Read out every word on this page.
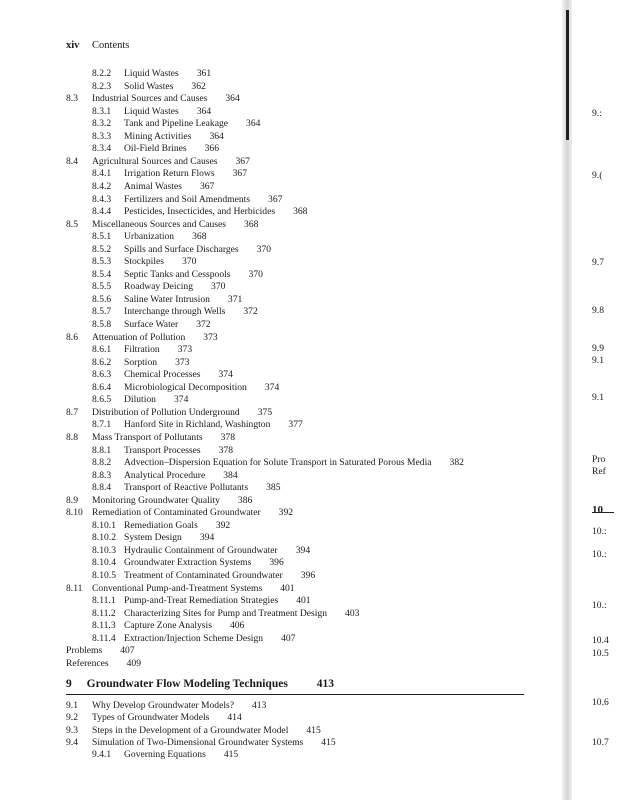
xiv Contents
8.2.2 Liquid Wastes 361
8.2.3 Solid Wastes 362
8.3 Industrial Sources and Causes 364
8.3.1 Liquid Wastes 364
8.3.2 Tank and Pipeline Leakage 364
8.3.3 Mining Activities 364
8.3.4 Oil-Field Brines 366
8.4 Agricultural Sources and Causes 367
8.4.1 Irrigation Return Flows 367
8.4.2 Animal Wastes 367
8.4.3 Fertilizers and Soil Amendments 367
8.4.4 Pesticides, Insecticides, and Herbicides 368
8.5 Miscellaneous Sources and Causes 368
8.5.1 Urbanization 368
8.5.2 Spills and Surface Discharges 370
8.5.3 Stockpiles 370
8.5.4 Septic Tanks and Cesspools 370
8.5.5 Roadway Deicing 370
8.5.6 Saline Water Intrusion 371
8.5.7 Interchange through Wells 372
8.5.8 Surface Water 372
8.6 Attenuation of Pollution 373
8.6.1 Filtration 373
8.6.2 Sorption 373
8.6.3 Chemical Processes 374
8.6.4 Microbiological Decomposition 374
8.6.5 Dilution 374
8.7 Distribution of Pollution Underground 375
8.7.1 Hanford Site in Richland, Washington 377
8.8 Mass Transport of Pollutants 378
8.8.1 Transport Processes 378
8.8.2 Advection–Dispersion Equation for Solute Transport in Saturated Porous Media 382
8.8.3 Analytical Procedure 384
8.8.4 Transport of Reactive Pollutants 385
8.9 Monitoring Groundwater Quality 386
8.10 Remediation of Contaminated Groundwater 392
8.10.1 Remediation Goals 392
8.10.2 System Design 394
8.10.3 Hydraulic Containment of Groundwater 394
8.10.4 Groundwater Extraction Systems 396
8.10.5 Treatment of Contaminated Groundwater 396
8.11 Conventional Pump-and-Treatment Systems 401
8.11.1 Pump-and-Treat Remediation Strategies 401
8.11.2 Characterizing Sites for Pump and Treatment Design 403
8.11.3 Capture Zone Analysis 406
8.11.4 Extraction/Injection Scheme Design 407
Problems 407
References 409
9 Groundwater Flow Modeling Techniques	413
9.1 Why Develop Groundwater Models? 413
9.2 Types of Groundwater Models 414
9.3 Steps in the Development of a Groundwater Model 415
9.4 Simulation of Two-Dimensional Groundwater Systems 415
9.4.1 Governing Equations 415
9.:
9.(
9.7
9.8
9.9
9.1
9.1
Pro
Ref
10
10.:
10.:
10.:
10.4
10.5
10.6
10.7
